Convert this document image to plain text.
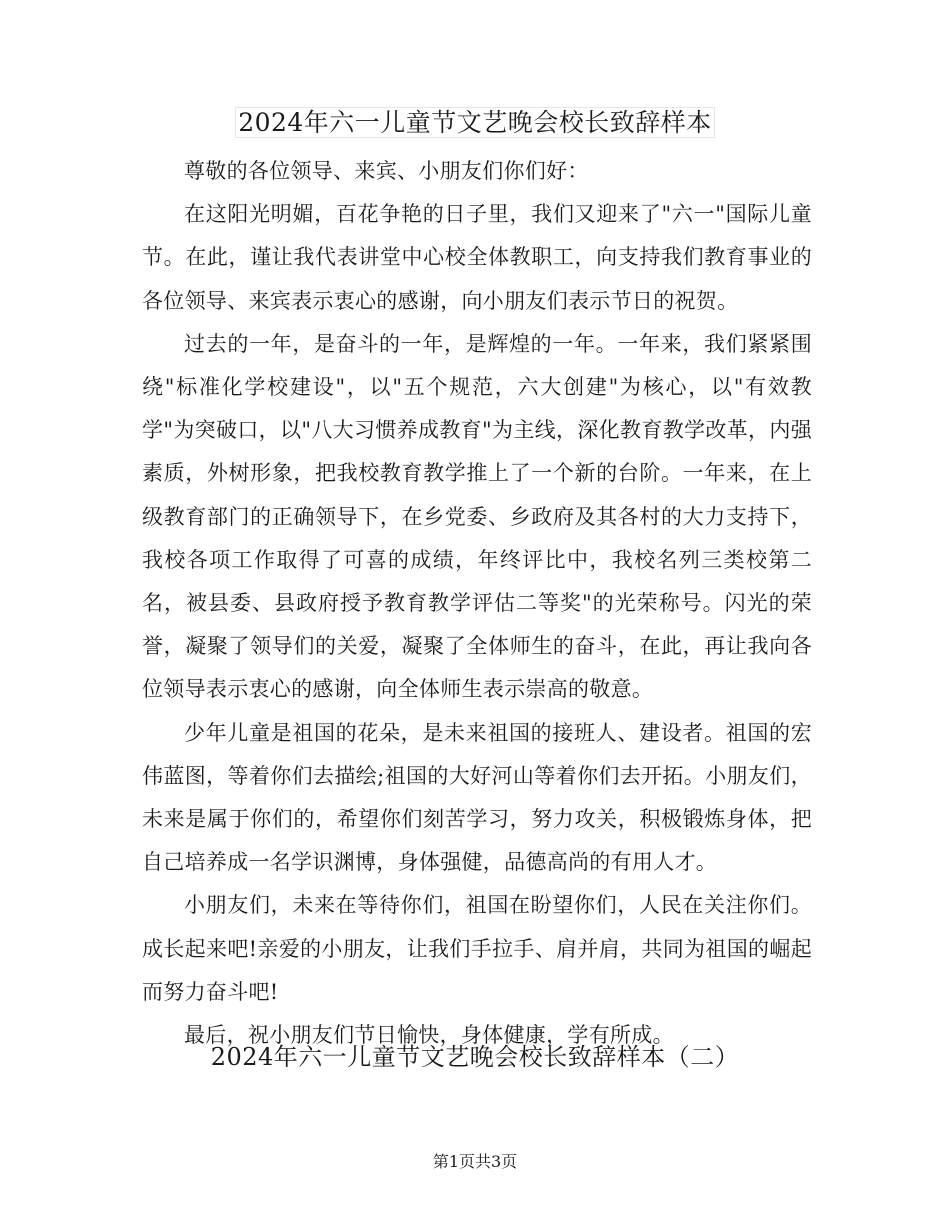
2024年六一儿童节文艺晚会校长致辞样本

尊敬的各位领导、来宾、小朋友们你们好：

在这阳光明媚，百花争艳的日子里，我们又迎来了"六一"国际儿童节。在此，谨让我代表讲堂中心校全体教职工，向支持我们教育事业的各位领导、来宾表示衷心的感谢，向小朋友们表示节日的祝贺。

过去的一年，是奋斗的一年，是辉煌的一年。一年来，我们紧紧围绕"标准化学校建设"，以"五个规范，六大创建"为核心，以"有效教学"为突破口，以"八大习惯养成教育"为主线，深化教育教学改革，内强素质，外树形象，把我校教育教学推上了一个新的台阶。一年来，在上级教育部门的正确领导下，在乡党委、乡政府及其各村的大力支持下，我校各项工作取得了可喜的成绩，年终评比中，我校名列三类校第二名，被县委、县政府授予教育教学评估二等奖"的光荣称号。闪光的荣誉，凝聚了领导们的关爱，凝聚了全体师生的奋斗，在此，再让我向各位领导表示衷心的感谢，向全体师生表示崇高的敬意。

少年儿童是祖国的花朵，是未来祖国的接班人、建设者。祖国的宏伟蓝图，等着你们去描绘;祖国的大好河山等着你们去开拓。小朋友们，未来是属于你们的，希望你们刻苦学习，努力攻关，积极锻炼身体，把自己培养成一名学识渊博，身体强健，品德高尚的有用人才。

小朋友们，未来在等待你们，祖国在盼望你们，人民在关注你们。成长起来吧!亲爱的小朋友，让我们手拉手、肩并肩，共同为祖国的崛起而努力奋斗吧!

最后，祝小朋友们节日愉快，身体健康，学有所成。

2024年六一儿童节文艺晚会校长致辞样本（二）
第1页共3页
